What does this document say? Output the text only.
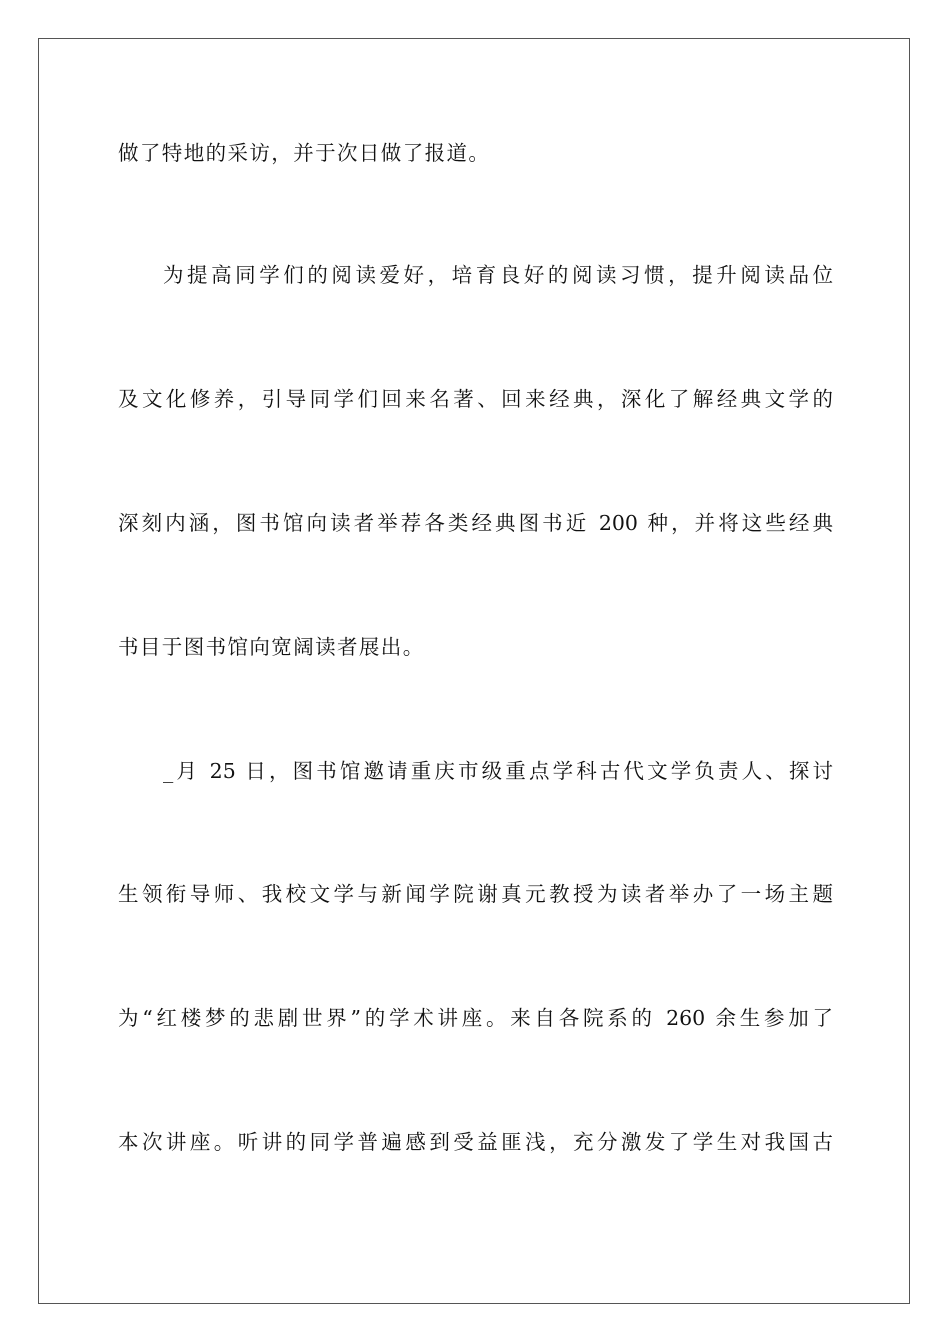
做了特地的采访，并于次日做了报道。
为提高同学们的阅读爱好，培育良好的阅读习惯，提升阅读品位
及文化修养，引导同学们回来名著、回来经典，深化了解经典文学的
深刻内涵，图书馆向读者举荐各类经典图书近 200 种，并将这些经典
书目于图书馆向宽阔读者展出。
_月 25 日，图书馆邀请重庆市级重点学科古代文学负责人、探讨
生领衔导师、我校文学与新闻学院谢真元教授为读者举办了一场主题
为“红楼梦的悲剧世界”的学术讲座。来自各院系的 260 余生参加了
本次讲座。听讲的同学普遍感到受益匪浅，充分激发了学生对我国古
